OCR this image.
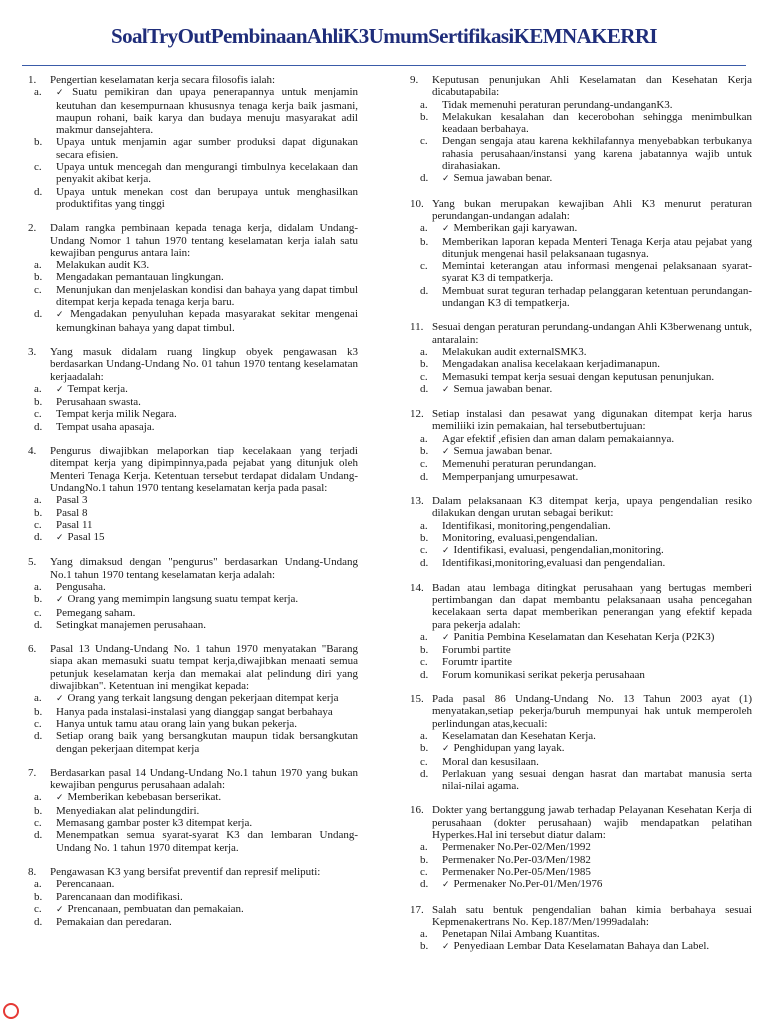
SoalTryOutPembinaanAhliK3UmumSertifikasiKEMNAKERRI
1.	Pengertian keselamatan kerja secara filosofis ialah:
a. ✓	Suatu pemikiran dan upaya penerapannya untuk menjamin keutuhan dan kesempurnaan khususnya tenaga kerja baik jasmani, maupun rohani, baik karya dan budaya menuju masyarakat adil makmur dansejahtera.
b.	Upaya untuk menjamin agar sumber produksi dapat digunakan secara efisien.
c.	Upaya untuk mencegah dan mengurangi timbulnya kecelakaan dan penyakit akibat kerja.
d.	Upaya untuk menekan cost dan berupaya untuk menghasilkan produktifitas yang tinggi
2.	Dalam rangka pembinaan kepada tenaga kerja, didalam Undang-Undang Nomor 1 tahun 1970 tentang keselamatan kerja ialah satu kewajiban pengurus antara lain:
a.	Melakukan audit K3.
b.	Mengadakan pemantauan lingkungan.
c.	Menunjukan dan menjelaskan kondisi dan bahaya yang dapat timbul ditempat kerja kepada tenaga kerja baru.
d. ✓	Mengadakan penyuluhan kepada masyarakat sekitar mengenai kemungkinan bahaya yang dapat timbul.
3.	Yang masuk didalam ruang lingkup obyek pengawasan k3 berdasarkan Undang-Undang No. 01 tahun 1970 tentang keselamatan kerjaadalah:
a. ✓	Tempat kerja.
b.	Perusahaan swasta.
c.	Tempat kerja milik Negara.
d.	Tempat usaha apasaja.
4.	Pengurus diwajibkan melaporkan tiap kecelakaan yang terjadi ditempat kerja yang dipimpinnya,pada pejabat yang ditunjuk oleh Menteri Tenaga Kerja. Ketentuan tersebut terdapat didalam Undang-UndangNo.1 tahun 1970 tentang keselamatan kerja pada pasal:
a.	Pasal 3
b.	Pasal 8
c.	Pasal 11
d. ✓	Pasal 15
5.	Yang dimaksud dengan "pengurus" berdasarkan Undang-Undang No.1 tahun 1970 tentang keselamatan kerja adalah:
a.	Pengusaha.
b. ✓	Orang yang memimpin langsung suatu tempat kerja.
c.	Pemegang saham.
d.	Setingkat manajemen perusahaan.
6.	Pasal 13 Undang-Undang No. 1 tahun 1970 menyatakan "Barang siapa akan memasuki suatu tempat kerja,diwajibkan menaati semua petunjuk keselamatan kerja dan memakai alat pelindung diri yang diwajibkan". Ketentuan ini mengikat kepada:
a. ✓	Orang yang terkait langsung dengan pekerjaan ditempat kerja
b.	Hanya pada instalasi-instalasi yang dianggap sangat berbahaya
c.	Hanya untuk tamu atau orang lain yang bukan pekerja.
d.	Setiap orang baik yang bersangkutan maupun tidak bersangkutan dengan pekerjaan ditempat kerja
7.	Berdasarkan pasal 14 Undang-Undang No.1 tahun 1970 yang bukan kewajiban pengurus perusahaan adalah:
a. ✓	Memberikan kebebasan berserikat.
b.	Menyediakan alat pelindungdiri.
c.	Memasang gambar poster k3 ditempat kerja.
d.	Menempatkan semua syarat-syarat K3 dan lembaran Undang- Undang No. 1 tahun 1970 ditempat kerja.
8.	Pengawasan K3 yang bersifat preventif dan represif meliputi:
a.	Perencanaan.
b.	Parencanaan dan modifikasi.
c. ✓	Prencanaan, pembuatan dan pemakaian.
d.	Pemakaian dan peredaran.
9.	Keputusan penunjukan Ahli Keselamatan dan Kesehatan Kerja dicabutapabila:
a.	Tidak memenuhi peraturan perundang-undanganK3.
b.	Melakukan kesalahan dan kecerobohan sehingga menimbulkan keadaan berbahaya.
c.	Dengan sengaja atau karena kekhilafannya menyebabkan terbukanya rahasia perusahaan/instansi yang karena jabatannya wajib untuk dirahasiakan.
d. ✓	Semua jawaban benar.
10. Yang bukan merupakan kewajiban Ahli K3 menurut peraturan perundangan-undangan adalah:
a. ✓	Memberikan gaji karyawan.
b.	Memberikan laporan kepada Menteri Tenaga Kerja atau pejabat yang ditunjuk mengenai hasil pelaksanaan tugasnya.
c.	Memintai keterangan atau informasi mengenai pelaksanaan syarat-syarat K3 di tempatkerja.
d.	Membuat surat teguran terhadap pelanggaran ketentuan perundangan-undangan K3 di tempatkerja.
11. Sesuai dengan peraturan perundang-undangan Ahli K3berwenang untuk, antaralain:
a.	Melakukan audit externalSMK3.
b.	Mengadakan analisa kecelakaan kerjadimanapun.
c.	Memasuki tempat kerja sesuai dengan keputusan penunjukan.
d. ✓	Semua jawaban benar.
12. Setiap instalasi dan pesawat yang digunakan ditempat kerja harus memiliiki izin pemakaian, hal tersebutbertujuan:
a.	Agar efektif ,efisien dan aman dalam pemakaiannya.
b. ✓	Semua jawaban benar.
c.	Memenuhi peraturan perundangan.
d.	Memperpanjang umurpesawat.
13. Dalam pelaksanaan K3 ditempat kerja, upaya pengendalian resiko dilakukan dengan urutan sebagai berikut:
a.	Identifikasi, monitoring,pengendalian.
b.	Monitoring, evaluasi,pengendalian.
c. ✓	Identifikasi, evaluasi, pengendalian,monitoring.
d.	Identifikasi,monitoring,evaluasi dan pengendalian.
14. Badan atau lembaga ditingkat perusahaan yang bertugas memberi pertimbangan dan dapat membantu pelaksanaan usaha pencegahan kecelakaan serta dapat memberikan penerangan yang efektif kepada para pekerja adalah:
a. ✓	Panitia Pembina Keselamatan dan Kesehatan Kerja (P2K3)
b.	Forumbi partite
c.	Forumtr ipartite
d.	Forum komunikasi serikat pekerja perusahaan
15. Pada pasal 86 Undang-Undang No. 13 Tahun 2003 ayat (1) menyatakan,setiap pekerja/buruh mempunyai hak untuk memperoleh perlindungan atas,kecuali:
a.	Keselamatan dan Kesehatan Kerja.
b. ✓	Penghidupan yang layak.
c.	Moral dan kesusilaan.
d.	Perlakuan yang sesuai dengan hasrat dan martabat manusia serta nilai-nilai agama.
16. Dokter yang bertanggung jawab terhadap Pelayanan Kesehatan Kerja di perusahaan (dokter perusahaan) wajib mendapatkan pelatihan Hyperkes.Hal ini tersebut diatur dalam:
a.	Permenaker No.Per-02/Men/1992
b.	Permenaker No.Per-03/Men/1982
c.	Permenaker No.Per-05/Men/1985
d. ✓	Permenaker No.Per-01/Men/1976
17. Salah satu bentuk pengendalian bahan kimia berbahaya sesuai Kepmenakertrans No. Kep.187/Men/1999adalah:
a.	Penetapan Nilai Ambang Kuantitas.
b. ✓	Penyediaan Lembar Data Keselamatan Bahaya dan Label.
